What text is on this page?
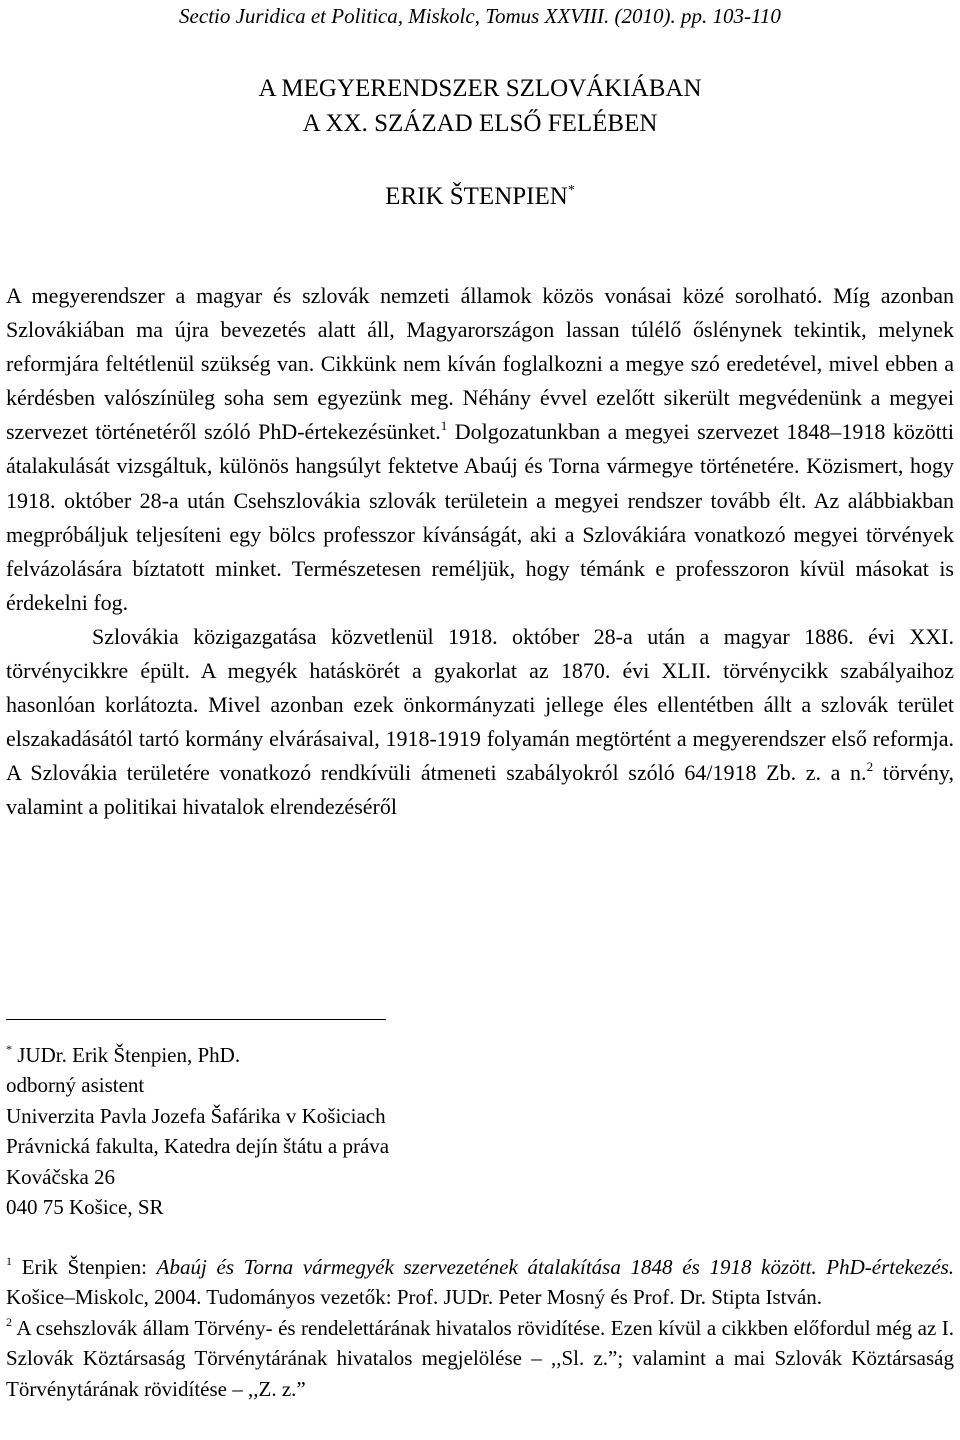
Sectio Juridica et Politica, Miskolc, Tomus XXVIII. (2010). pp. 103-110
A MEGYERENDSZER SZLOVÁKIÁBAN
A XX. SZÁZAD ELSŐ FELÉBEN
ERIK ŠTENPIEN*

A megyerendszer a magyar és szlovák nemzeti államok közös vonásai közé sorolható. Míg azonban Szlovákiában ma újra bevezetés alatt áll, Magyarországon lassan túlélő őslénynek tekintik, melynek reformjára feltétlenül szükség van. Cikkünk nem kíván foglalkozni a megye szó eredetével, mivel ebben a kérdésben valószínüleg soha sem egyezünk meg. Néhány évvel ezelőtt sikerült megvédenünk a megyei szervezet történetéről szóló PhD-értekezésünket.$^1$ Dolgozatunkban a megyei szervezet 1848–1918 közötti átalakulását vizsgáltuk, különös hangsúlyt fektetve Abaúj és Torna vármegye történetére. Közismert, hogy 1918. október 28-a után Csehszlovákia szlovák területein a megyei rendszer tovább élt. Az alábbiakban megpróbáljuk teljesíteni egy bölcs professzor kívánságát, aki a Szlovákiára vonatkozó megyei törvények felvázolására bíztatott minket. Természetesen reméljük, hogy témánk e professzoron kívül másokat is érdekelni fog.

Szlovákia közigazgatása közvetlenül 1918. október 28-a után a magyar 1886. évi XXI. törvénycikkre épült. A megyék hatáskörét a gyakorlat az 1870. évi XLII. törvénycikk szabályaihoz hasonlóan korlátozta. Mivel azonban ezek önkormányzati jellege éles ellentétben állt a szlovák terület elszakadásától tartó kormány elvárásaival, 1918-1919 folyamán megtörtént a megyerendszer első reformja. A Szlovákia területére vonatkozó rendkívüli átmeneti szabályokról szóló 64/1918 Zb. z. a n.$^2$ törvény, valamint a politikai hivatalok elrendezéséről

* JUDr. Erik Štenpien, PhD.
odborný asistent
Univerzita Pavla Jozefa Šafárika v Košiciach
Právnická fakulta, Katedra dejín štátu a práva
Kováčska 26
040 75 Košice, SR

$^1$ Erik Štenpien: Abaúj és Torna vármegyék szervezetének átalakítása 1848 és 1918 között. PhD-értekezés. Košice–Miskolc, 2004. Tudományos vezetők: Prof. JUDr. Peter Mosný és Prof. Dr. Stipta István.

$^2$ A csehszlovák állam Törvény- és rendelettárának hivatalos rövidítése. Ezen kívül a cikkben előfordul még az I. Szlovák Köztársaság Törvénytárának hivatalos megjelölése – ,,Sl. z.”; valamint a mai Szlovák Köztársaság Törvénytárának rövidítése – ,,Z. z.”
